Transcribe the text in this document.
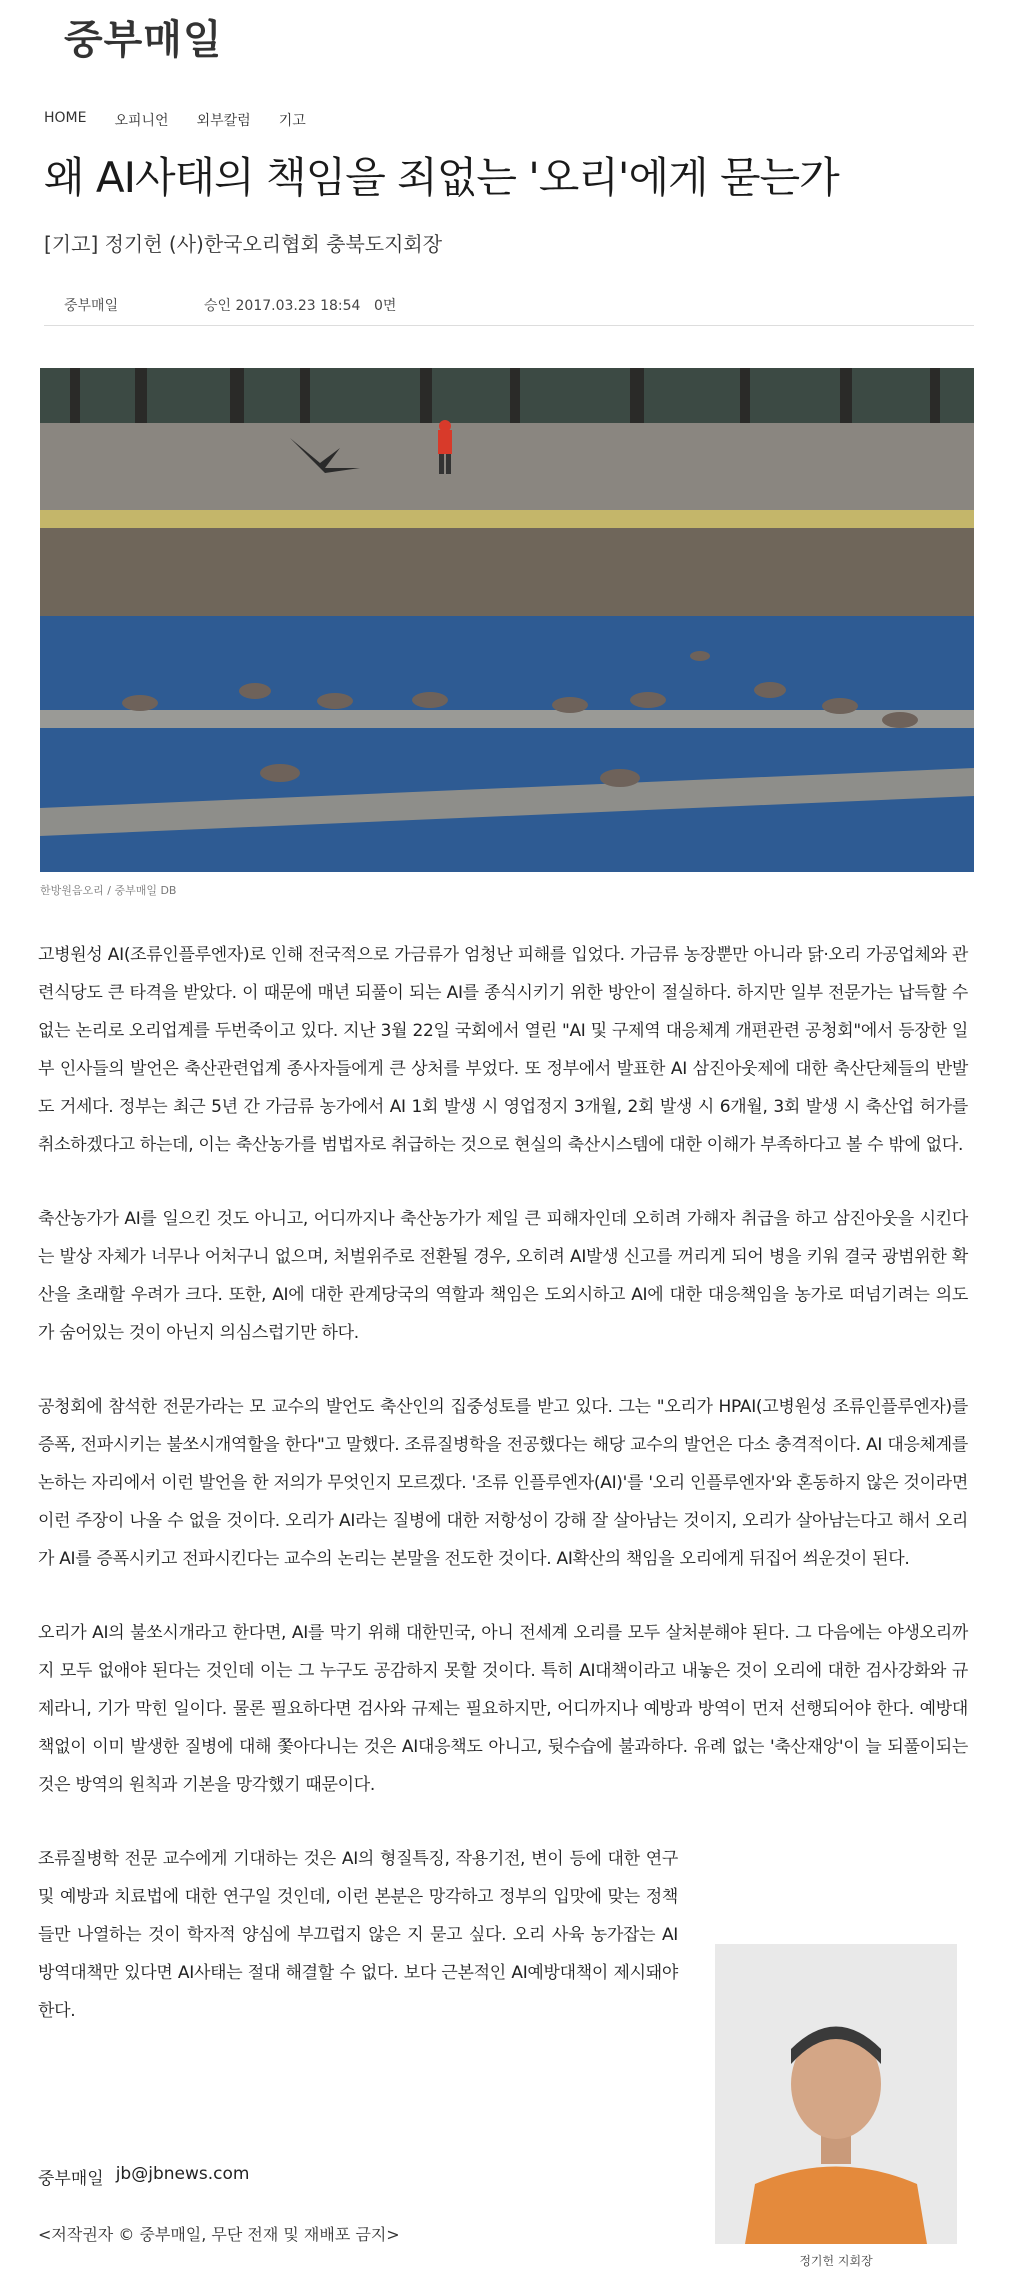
중부매일
HOME 오피니언 외부칼럼 기고
왜 AI사태의 책임을 죄없는 '오리'에게 묻는가
[기고] 정기헌 (사)한국오리협회 충북도지회장
중부매일	승인 2017.03.23 18:54 0면
한방원음오리 / 중부매일 DB

고병원성 AI(조류인플루엔자)로 인해 전국적으로 가금류가 엄청난 피해를 입었다. 가금류 농장뿐만 아니라 닭·오리 가공업체와 관련식당도 큰 타격을 받았다. 이 때문에 매년 되풀이 되는 AI를 종식시키기 위한 방안이 절실하다. 하지만 일부 전문가는 납득할 수 없는 논리로 오리업계를 두번죽이고 있다. 지난 3월 22일 국회에서 열린 "AI 및 구제역 대응체계 개편관련 공청회"에서 등장한 일부 인사들의 발언은 축산관련업계 종사자들에게 큰 상처를 부었다. 또 정부에서 발표한 AI 삼진아웃제에 대한 축산단체들의 반발도 거세다. 정부는 최근 5년 간 가금류 농가에서 AI 1회 발생 시 영업정지 3개월, 2회 발생 시 6개월, 3회 발생 시 축산업 허가를 취소하겠다고 하는데, 이는 축산농가를 범법자로 취급하는 것으로 현실의 축산시스템에 대한 이해가 부족하다고 볼 수 밖에 없다.

축산농가가 AI를 일으킨 것도 아니고, 어디까지나 축산농가가 제일 큰 피해자인데 오히려 가해자 취급을 하고 삼진아웃을 시킨다는 발상 자체가 너무나 어처구니 없으며, 처벌위주로 전환될 경우, 오히려 AI발생 신고를 꺼리게 되어 병을 키워 결국 광범위한 확산을 초래할 우려가 크다. 또한, AI에 대한 관계당국의 역할과 책임은 도외시하고 AI에 대한 대응책임을 농가로 떠넘기려는 의도가 숨어있는 것이 아닌지 의심스럽기만 하다.

공청회에 참석한 전문가라는 모 교수의 발언도 축산인의 집중성토를 받고 있다. 그는 "오리가 HPAI(고병원성 조류인플루엔자)를 증폭, 전파시키는 불쏘시개역할을 한다"고 말했다. 조류질병학을 전공했다는 해당 교수의 발언은 다소 충격적이다. AI 대응체계를 논하는 자리에서 이런 발언을 한 저의가 무엇인지 모르겠다. '조류 인플루엔자(AI)'를 '오리 인플루엔자'와 혼동하지 않은 것이라면 이런 주장이 나올 수 없을 것이다. 오리가 AI라는 질병에 대한 저항성이 강해 잘 살아남는 것이지, 오리가 살아남는다고 해서 오리가 AI를 증폭시키고 전파시킨다는 교수의 논리는 본말을 전도한 것이다. AI확산의 책임을 오리에게 뒤집어 씌운것이 된다.

오리가 AI의 불쏘시개라고 한다면, AI를 막기 위해 대한민국, 아니 전세계 오리를 모두 살처분해야 된다. 그 다음에는 야생오리까지 모두 없애야 된다는 것인데 이는 그 누구도 공감하지 못할 것이다. 특히 AI대책이라고 내놓은 것이 오리에 대한 검사강화와 규제라니, 기가 막힌 일이다. 물론 필요하다면 검사와 규제는 필요하지만, 어디까지나 예방과 방역이 먼저 선행되어야 한다. 예방대책없이 이미 발생한 질병에 대해 쫓아다니는 것은 AI대응책도 아니고, 뒷수습에 불과하다. 유례 없는 '축산재앙'이 늘 되풀이되는 것은 방역의 원칙과 기본을 망각했기 때문이다.

조류질병학 전문 교수에게 기대하는 것은 AI의 형질특징, 작용기전, 변이 등에 대한 연구 및 예방과 치료법에 대한 연구일 것인데, 이런 본분은 망각하고 정부의 입맛에 맞는 정책들만 나열하는 것이 학자적 양심에 부끄럽지 않은 지 묻고 싶다. 오리 사육 농가잡는 AI 방역대책만 있다면 AI사태는 절대 해결할 수 없다. 보다 근본적인 AI예방대책이 제시돼야 한다.

정기헌 지회장
중부매일 jb@jbnews.com
<저작권자 © 중부매일, 무단 전재 및 재배포 금지>
